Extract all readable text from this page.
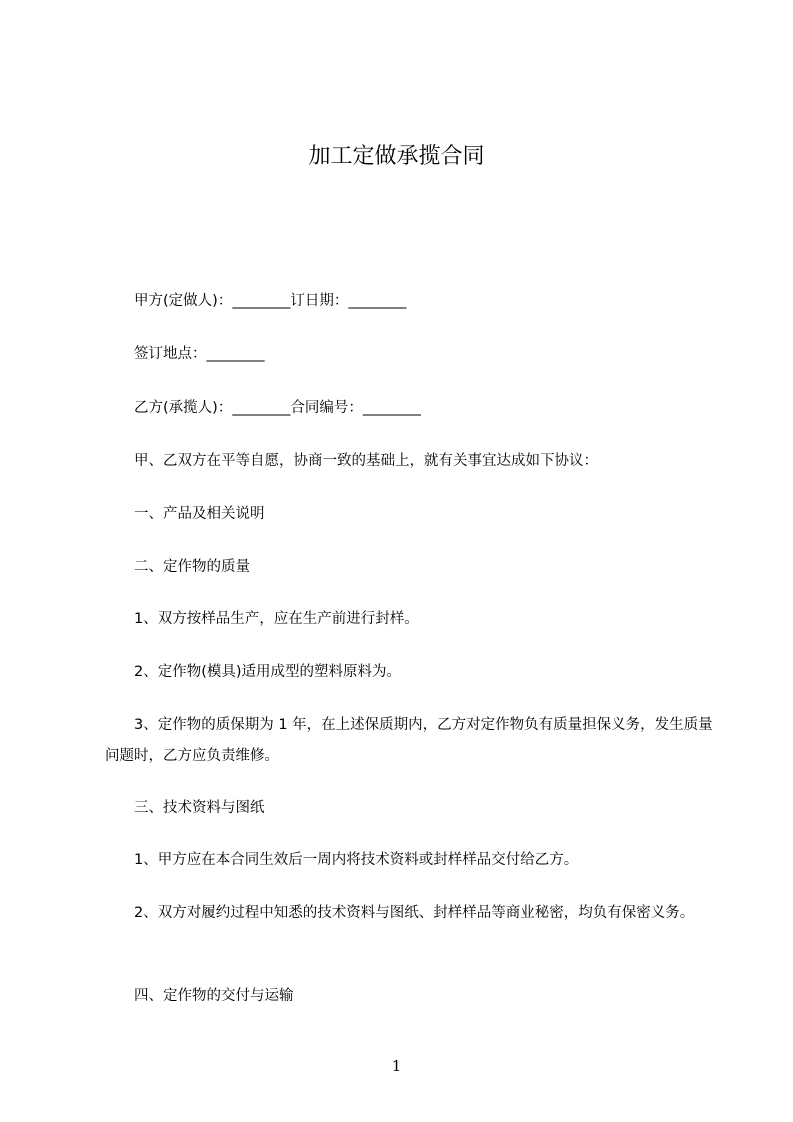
加工定做承揽合同
　　甲方(定做人)：________订日期：________
　　签订地点：________
　　乙方(承揽人)：________合同编号：________
　　甲、乙双方在平等自愿，协商一致的基础上，就有关事宜达成如下协议：
　　一、产品及相关说明
　　二、定作物的质量
　　1、双方按样品生产，应在生产前进行封样。
　　2、定作物(模具)适用成型的塑料原料为。
　　3、定作物的质保期为 1 年，在上述保质期内，乙方对定作物负有质量担保义务，发生质量问题时，乙方应负责维修。
　　三、技术资料与图纸
　　1、甲方应在本合同生效后一周内将技术资料或封样样品交付给乙方。
　　2、双方对履约过程中知悉的技术资料与图纸、封样样品等商业秘密，均负有保密义务。
　　四、定作物的交付与运输
1
